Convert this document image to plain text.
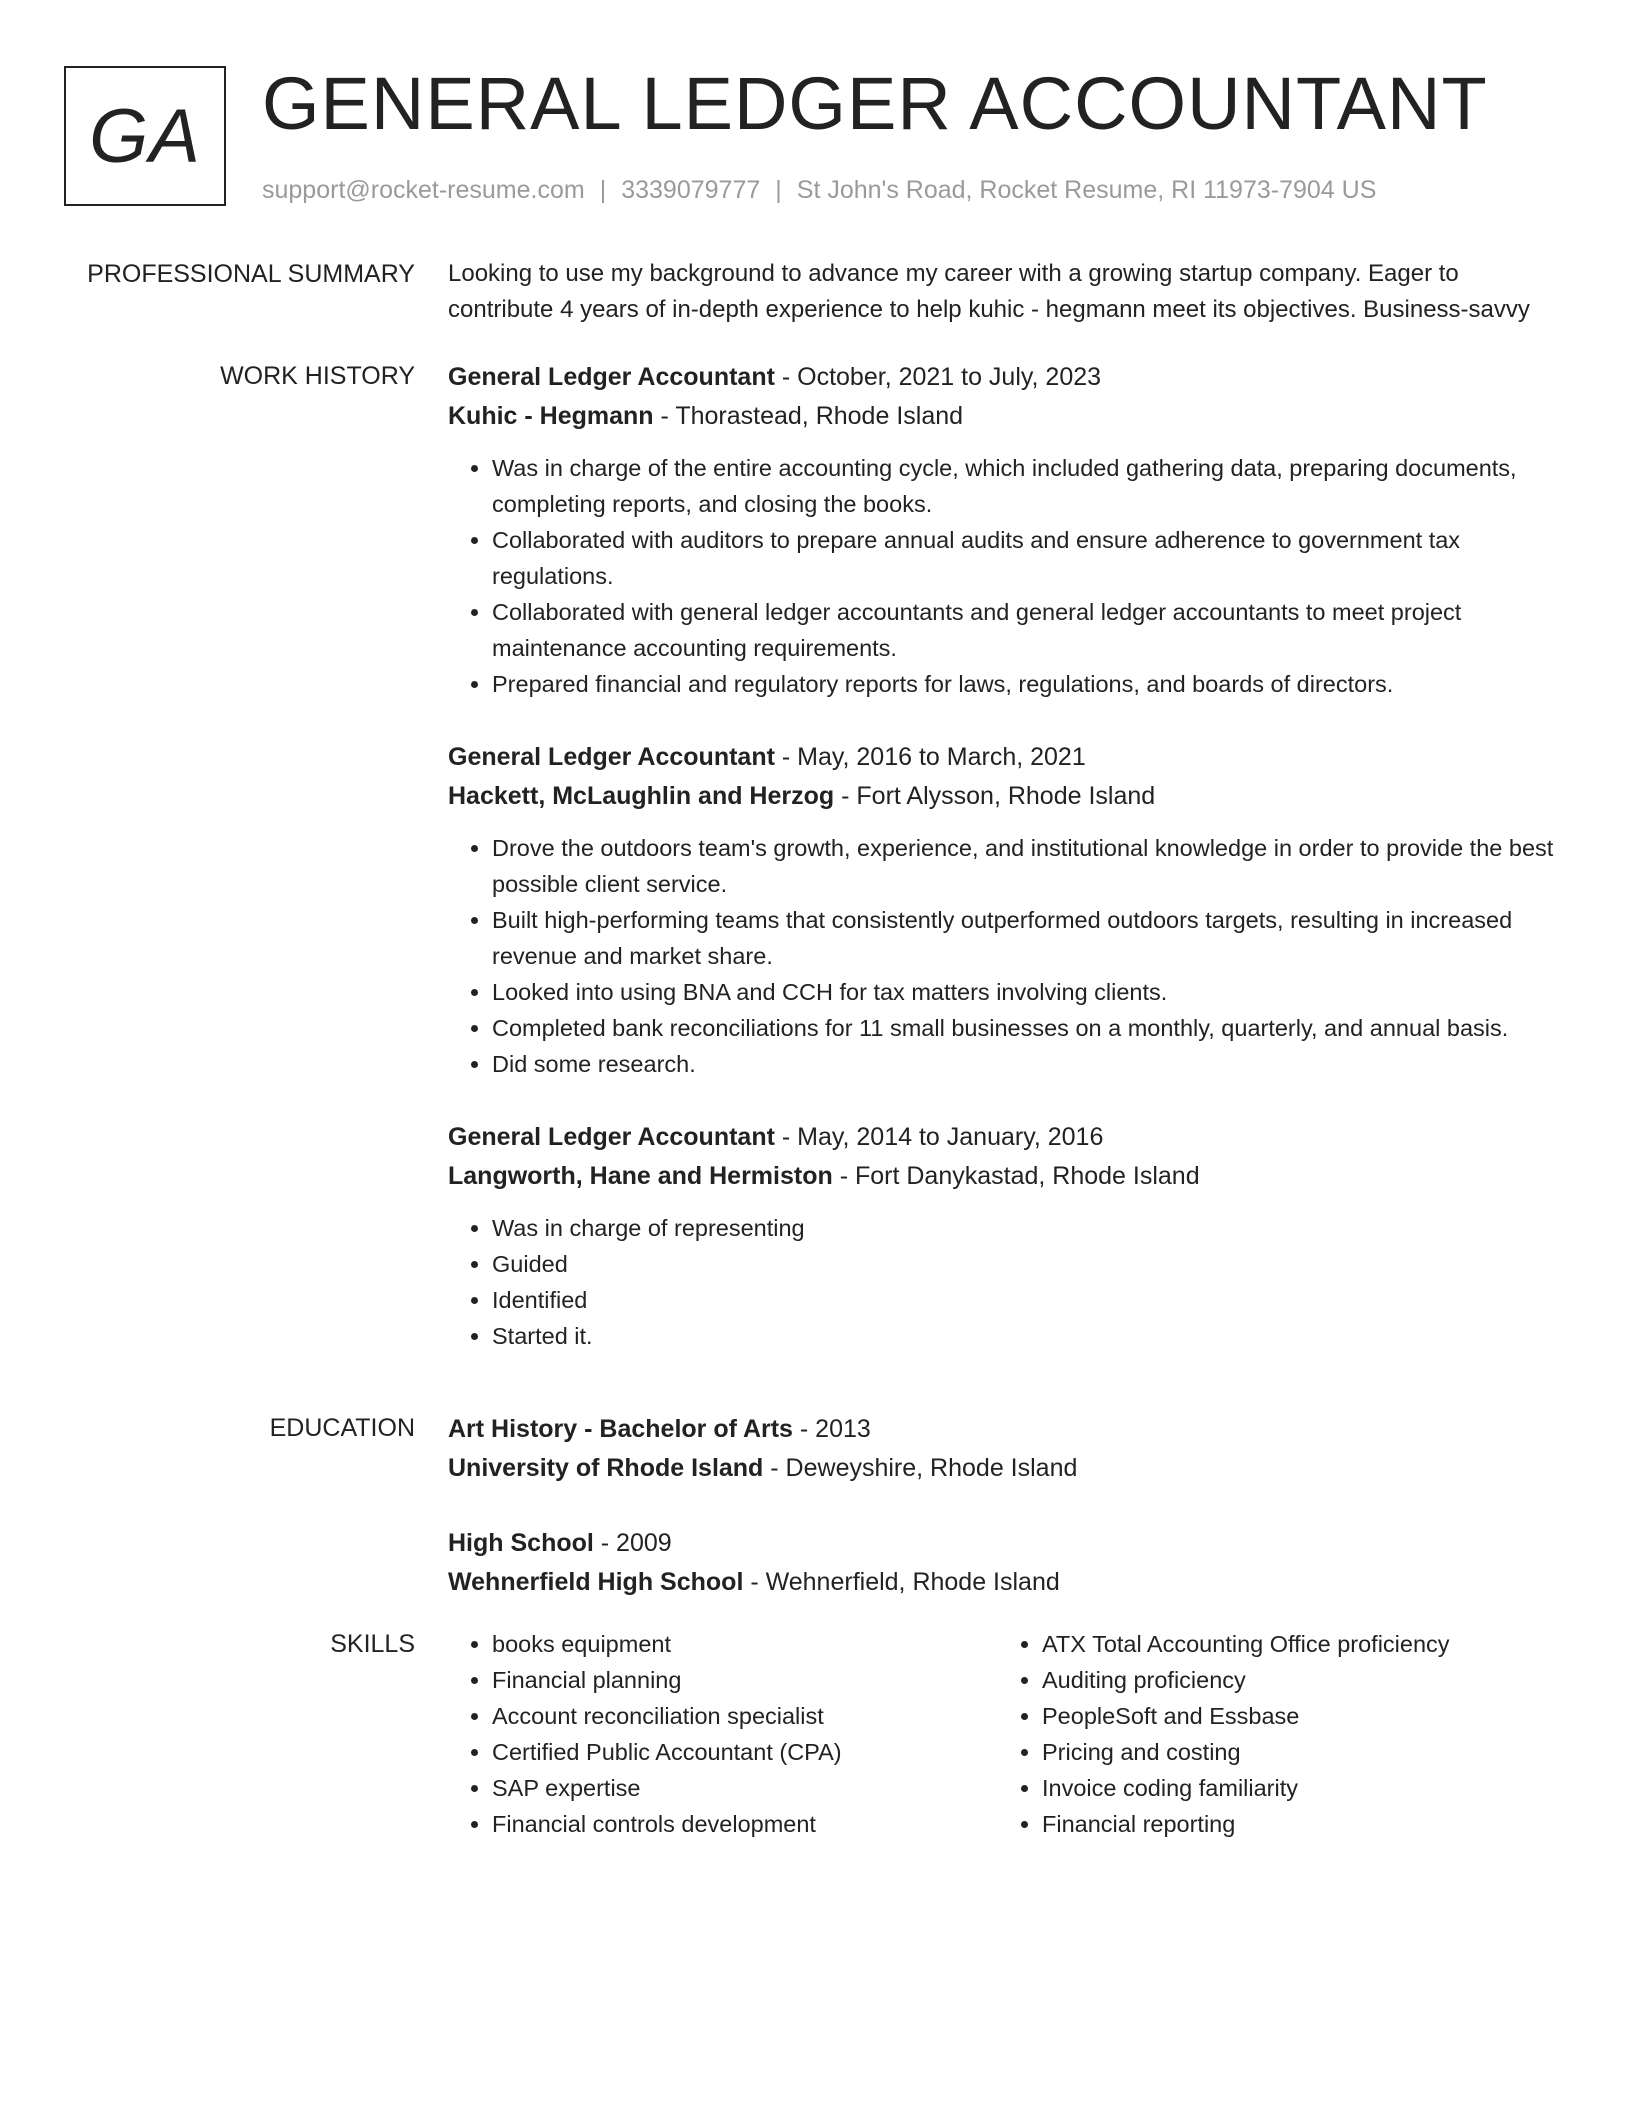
GA GENERAL LEDGER ACCOUNTANT
support@rocket-resume.com | 3339079777 | St John's Road, Rocket Resume, RI 11973-7904 US
PROFESSIONAL SUMMARY Looking to use my background to advance my career with a growing startup company. Eager to contribute 4 years of in-depth experience to help kuhic - hegmann meet its objectives. Business-savvy

WORK HISTORY General Ledger Accountant - October, 2021 to July, 2023
Kuhic - Hegmann - Thorastead, Rhode Island
• Was in charge of the entire accounting cycle, which included gathering data, preparing documents, completing reports, and closing the books.
• Collaborated with auditors to prepare annual audits and ensure adherence to government tax regulations.
• Collaborated with general ledger accountants and general ledger accountants to meet project maintenance accounting requirements.
• Prepared financial and regulatory reports for laws, regulations, and boards of directors.
General Ledger Accountant - May, 2016 to March, 2021
Hackett, McLaughlin and Herzog - Fort Alysson, Rhode Island
• Drove the outdoors team's growth, experience, and institutional knowledge in order to provide the best possible client service.
• Built high-performing teams that consistently outperformed outdoors targets, resulting in increased revenue and market share.
• Looked into using BNA and CCH for tax matters involving clients.
• Completed bank reconciliations for 11 small businesses on a monthly, quarterly, and annual basis.
• Did some research.
General Ledger Accountant - May, 2014 to January, 2016
Langworth, Hane and Hermiston - Fort Danykastad, Rhode Island
• Was in charge of representing
• Guided
• Identified
• Started it.
EDUCATION Art History - Bachelor of Arts - 2013
University of Rhode Island - Deweyshire, Rhode Island
High School - 2009
Wehnerfield High School - Wehnerfield, Rhode Island
SKILLS
•	books equipment
• Financial planning
• Account reconciliation specialist
• Certified Public Accountant (CPA)
• SAP expertise
• Financial controls development
• ATX Total Accounting Office proficiency
• Auditing proficiency
• PeopleSoft and Essbase
• Pricing and costing
• Invoice coding familiarity
• Financial reporting
